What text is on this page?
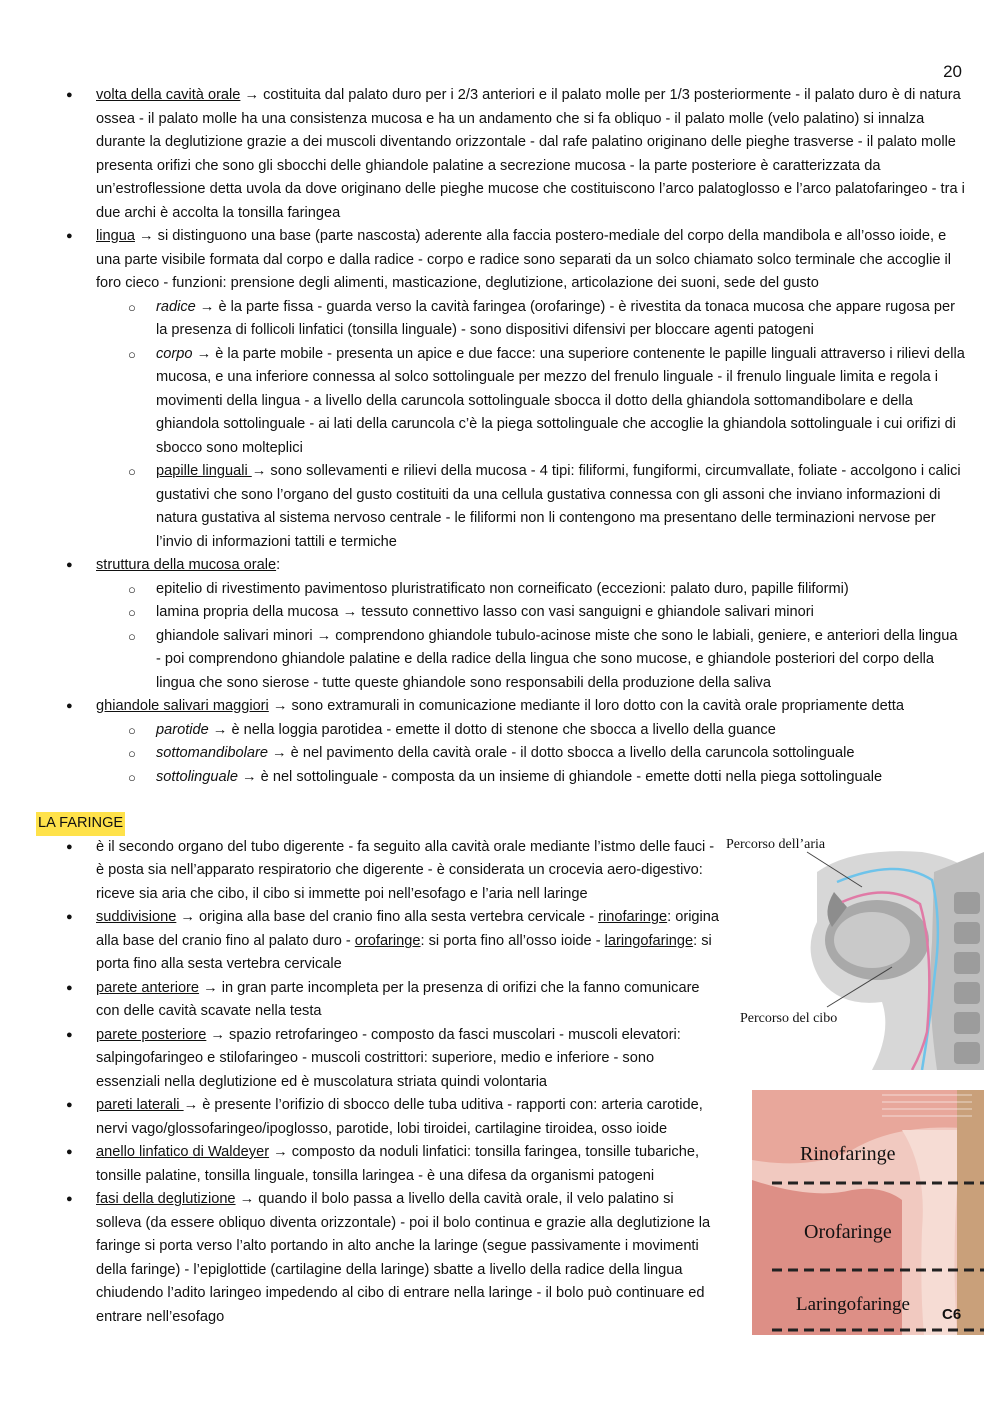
20
● volta della cavità orale → costituita dal palato duro per i 2/3 anteriori e il palato molle per 1/3 posteriormente - il palato duro è di natura ossea - il palato molle ha una consistenza mucosa e ha un andamento che si fa obliquo - il palato molle (velo palatino) si innalza durante la deglutizione grazie a dei muscoli diventando orizzontale - dal rafe palatino originano delle pieghe trasverse - il palato molle presenta orifizi che sono gli sbocchi delle ghiandole palatine a secrezione mucosa - la parte posteriore è caratterizzata da un’estroflessione detta uvola da dove originano delle pieghe mucose che costituiscono l’arco palatoglosso e l’arco palatofaringeo - tra i due archi è accolta la tonsilla faringea
● lingua → si distinguono una base (parte nascosta) aderente alla faccia postero-mediale del corpo della mandibola e all’osso ioide, e una parte visibile formata dal corpo e dalla radice - corpo e radice sono separati da un solco chiamato solco terminale che accoglie il foro cieco - funzioni: prensione degli alimenti, masticazione, deglutizione, articolazione dei suoni, sede del gusto
○ radice → è la parte fissa - guarda verso la cavità faringea (orofaringe) - è rivestita da tonaca mucosa che appare rugosa per la presenza di follicoli linfatici (tonsilla linguale) - sono dispositivi difensivi per bloccare agenti patogeni
○ corpo → è la parte mobile - presenta un apice e due facce: una superiore contenente le papille linguali attraverso i rilievi della mucosa, e una inferiore connessa al solco sottolinguale per mezzo del frenulo linguale - il frenulo linguale limita e regola i movimenti della lingua - a livello della caruncola sottolinguale sbocca il dotto della ghiandola sottomandibolare e della ghiandola sottolinguale - ai lati della caruncola c’è la piega sottolinguale che accoglie la ghiandola sottolinguale i cui orifizi di sbocco sono molteplici
○ papille linguali → sono sollevamenti e rilievi della mucosa - 4 tipi: filiformi, fungiformi, circumvallate, foliate - accolgono i calici gustativi che sono l’organo del gusto costituiti da una cellula gustativa connessa con gli assoni che inviano informazioni di natura gustativa al sistema nervoso centrale - le filiformi non li contengono ma presentano delle terminazioni nervose per l’invio di informazioni tattili e termiche
● struttura della mucosa orale:
○ epitelio di rivestimento pavimentoso pluristratificato non corneificato (eccezioni: palato duro, papille filiformi)
○ lamina propria della mucosa → tessuto connettivo lasso con vasi sanguigni e ghiandole salivari minori
○ ghiandole salivari minori → comprendono ghiandole tubulo-acinose miste che sono le labiali, geniere, e anteriori della lingua - poi comprendono ghiandole palatine e della radice della lingua che sono mucose, e ghiandole posteriori del corpo della lingua che sono sierose - tutte queste ghiandole sono responsabili della produzione della saliva
● ghiandole salivari maggiori → sono extramurali in comunicazione mediante il loro dotto con la cavità orale propriamente detta
○ parotide → è nella loggia parotidea - emette il dotto di stenone che sbocca a livello della guance
○ sottomandibolare → è nel pavimento della cavità orale - il dotto sbocca a livello della caruncola sottolinguale
○ sottolinguale → è nel sottolinguale - composta da un insieme di ghiandole - emette dotti nella piega sottolinguale
LA FARINGE
● è il secondo organo del tubo digerente - fa seguito alla cavità orale mediante l’istmo delle fauci - è posta sia nell’apparato respiratorio che digerente - è considerata un crocevia aero-digestivo: riceve sia aria che cibo, il cibo si immette poi nell’esofago e l’aria nell laringe
● suddivisione → origina alla base del cranio fino alla sesta vertebra cervicale - rinofaringe: origina alla base del cranio fino al palato duro - orofaringe: si porta fino all’osso ioide - laringofaringe: si porta fino alla sesta vertebra cervicale
● parete anteriore → in gran parte incompleta per la presenza di orifizi che la fanno comunicare con delle cavità scavate nella testa
● parete posteriore → spazio retrofaringeo - composto da fasci muscolari - muscoli elevatori: salpingofaringeo e stilofaringeo - muscoli costrittori: superiore, medio e inferiore - sono essenziali nella deglutizione ed è muscolatura striata quindi volontaria
● pareti laterali → è presente l’orifizio di sbocco delle tuba uditiva - rapporti con: arteria carotide, nervi vago/glossofaringeo/ipoglosso, parotide, lobi tiroidei, cartilagine tiroidea, osso ioide
● anello linfatico di Waldeyer → composto da noduli linfatici: tonsilla faringea, tonsille tubariche, tonsille palatine, tonsilla linguale, tonsilla laringea - è una difesa da organismi patogeni
● fasi della deglutizione → quando il bolo passa a livello della cavità orale, il velo palatino si solleva (da essere obliquo diventa orizzontale) - poi il bolo continua e grazie alla deglutizione la faringe si porta verso l’alto portando in alto anche la laringe (segue passivamente i movimenti della faringe) - l’epiglottide (cartilagine della laringe) sbatte a livello della radice della lingua chiudendo l’adito laringeo impedendo al cibo di entrare nella laringe - il bolo può continuare ed entrare nell’esofago
Percorso dell’aria
Percorso del cibo
Rinofaringe
Orofaringe
Laringofaringe C6
